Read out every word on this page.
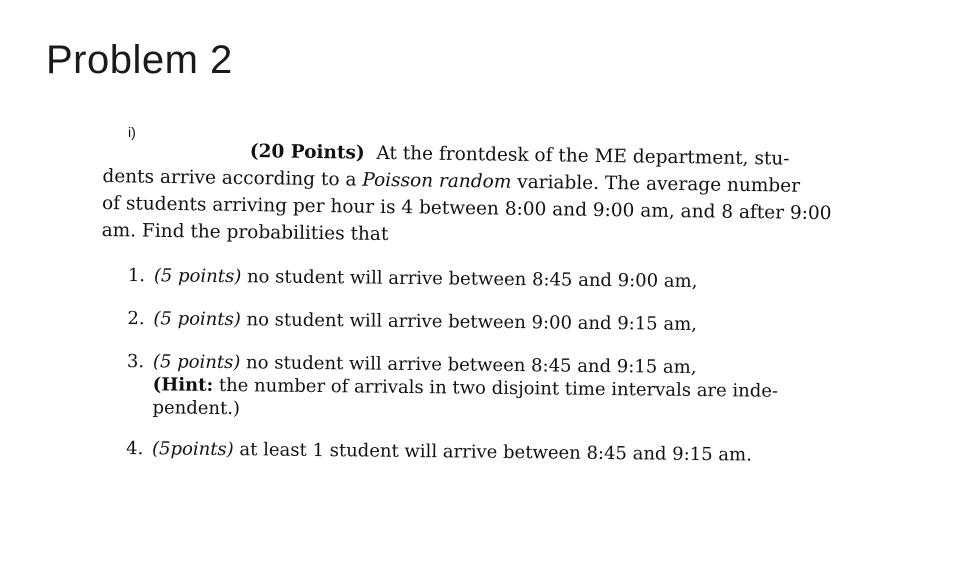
Problem 2
i)
(20 Points) At the frontdesk of the ME department, stu-
dents arrive according to a Poisson random variable. The average number
of students arriving per hour is 4 between 8:00 and 9:00 am, and 8 after 9:00
am. Find the probabilities that
1. (5 points) no student will arrive between 8:45 and 9:00 am,
2. (5 points) no student will arrive between 9:00 and 9:15 am,
3. (5 points) no student will arrive between 8:45 and 9:15 am,
(Hint: the number of arrivals in two disjoint time intervals are inde-
pendent.)
4. (5points) at least 1 student will arrive between 8:45 and 9:15 am.
